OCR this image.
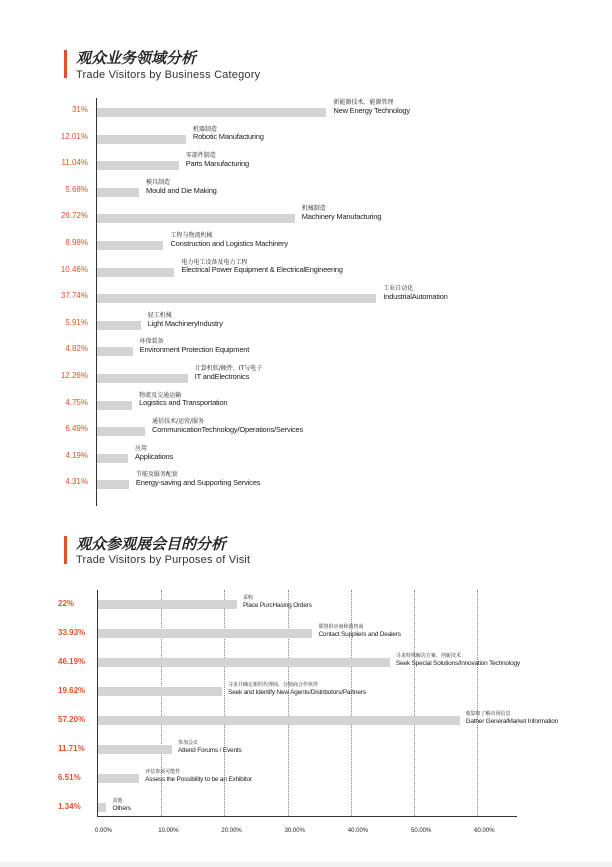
观众业务领域分析
Trade Visitors by Business Category
31%
新能源技术、能源管理
New Energy Technology
12.01%
机器制造
Robotic Manufacturing
11.04%
零部件制造
Parts Manufacturing
5.68%
模具制造
Mould and Die Making
26.72%
机械制造
Machinery Manufacturing
8.98%
工程与物流机械
Construction and Logistics Machinery
10.46%
电力电工设备及电力工程
Electrical Power Equipment & ElectricalEngineering
37.74%
工业自动化
IndustrialAutomation
5.91%
轻工机械
Light MachineryIndustry
4.82%
环保装备
Environment Protection Equipment
12.26%
计算机软/硬件、IT与电子
IT andElectronics
4.75%
物流及交通运输
Logistics and Transportation
6.49%
通信技术/运营/服务
CommunicationTechnology/Operations/Services
4.19%
应用
Applications
4.31%
节能及服务配套
Energy-saving and Supporting Services
观众参观展会目的分析
Trade Visitors by Purposes of Visit
0.00%	10.00%	20.00%	30.00%	40.00%	50.00%	60.00%
22%
采购
Place PurcHasing Orders
33.93%
联络供应商和销售商
Contact Suppliers and Dealers
46.19%
寻求特殊解决方案、创新技术
Seek Special Solutions/Innovation Technology
19.62%
寻求并确定新的代理商、分销商合作伙伴
Seek and Identify New Agents/Distributors/Partners
57.20%
收集和了解市场信息
Gather GeneralMarket Information
11.71%
参加会议
Attend Forums / Events
6.51%
评估参展可能性
Assess the Possibility to be an Exhibitor
1.34%
其他
Others
